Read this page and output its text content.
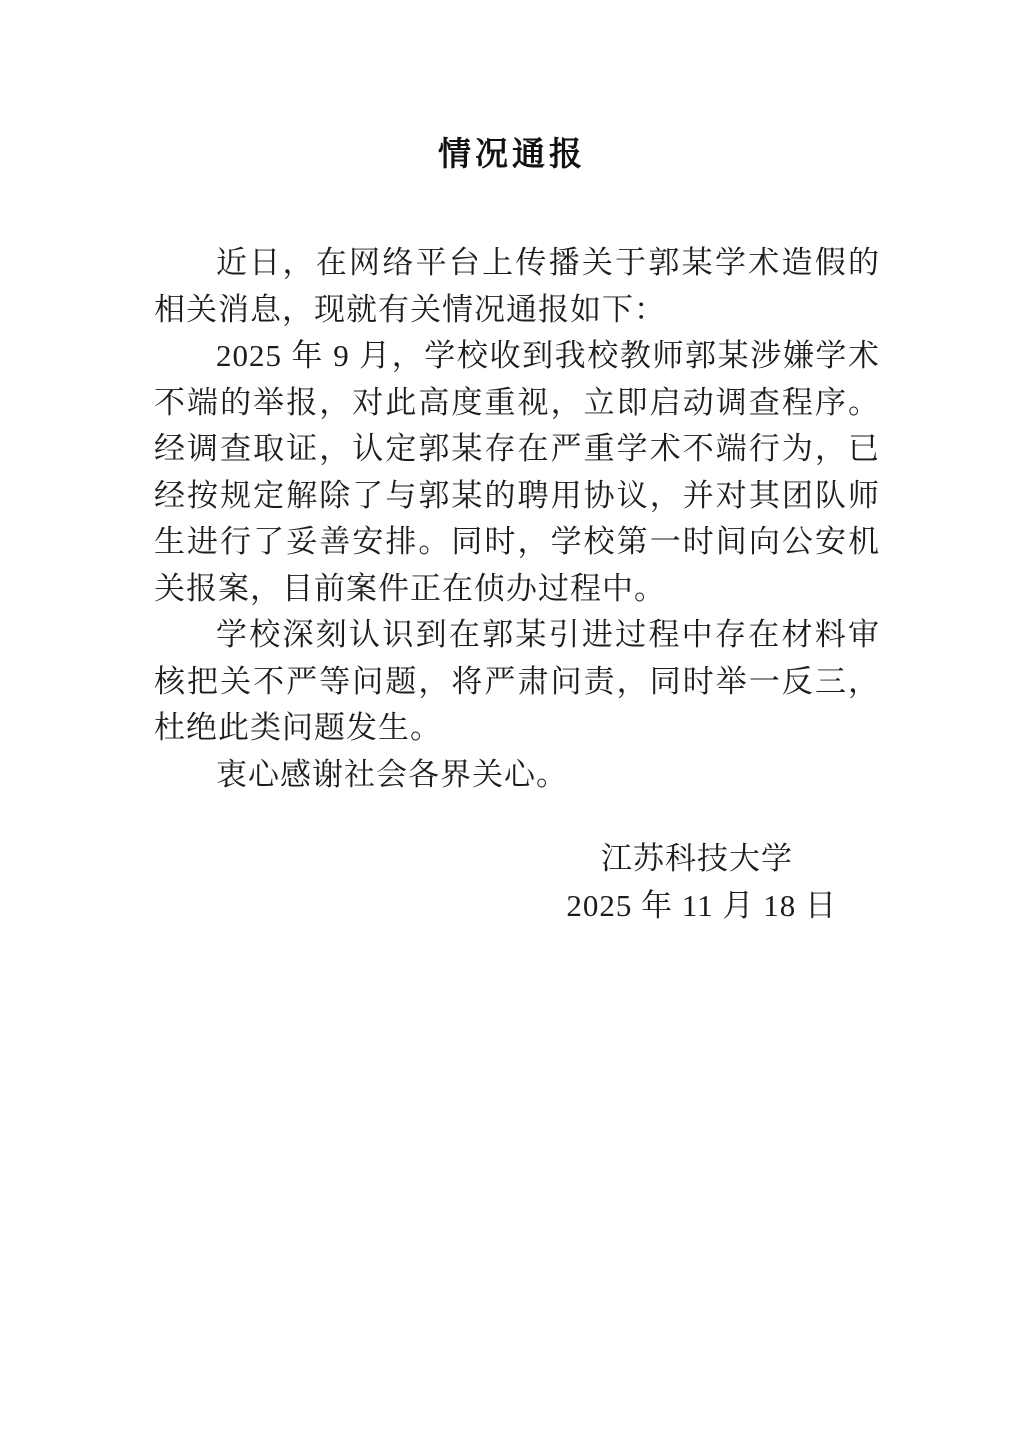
情况通报

近日，在网络平台上传播关于郭某学术造假的相关消息，现就有关情况通报如下：

2025 年 9 月，学校收到我校教师郭某涉嫌学术不端的举报，对此高度重视，立即启动调查程序。经调查取证，认定郭某存在严重学术不端行为，已经按规定解除了与郭某的聘用协议，并对其团队师生进行了妥善安排。同时，学校第一时间向公安机关报案，目前案件正在侦办过程中。

学校深刻认识到在郭某引进过程中存在材料审核把关不严等问题，将严肃问责，同时举一反三，杜绝此类问题发生。

衷心感谢社会各界关心。

江苏科技大学
2025 年 11 月 18 日
